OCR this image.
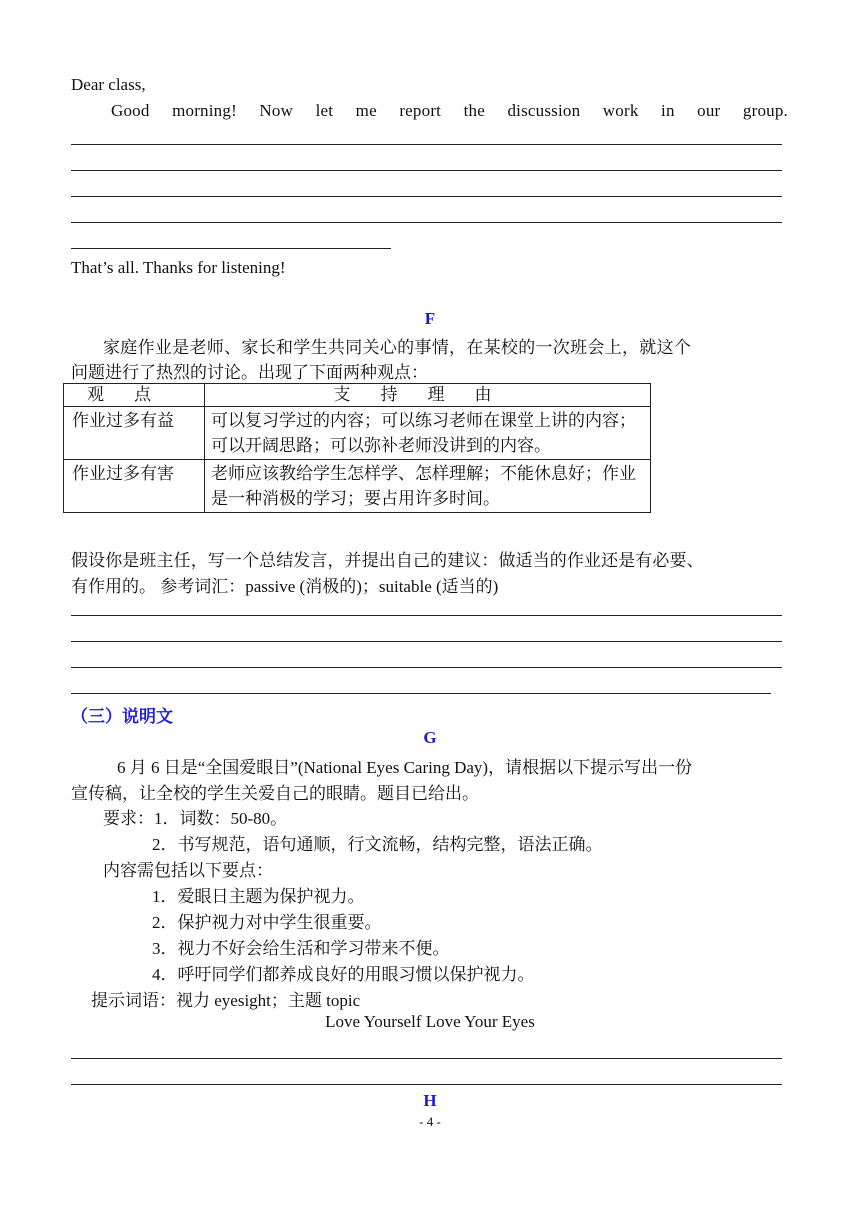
Dear class,
Good morning! Now let me report the discussion work in our group.
That’s all. Thanks for listening!
F
家庭作业是老师、家长和学生共同关心的事情，在某校的一次班会上，就这个
问题进行了热烈的讨论。出现了下面两种观点：
观点	支持理由
作业过多有益	可以复习学过的内容；可以练习老师在课堂上讲的内容；可以开阔思路；可以弥补老师没讲到的内容。
作业过多有害	老师应该教给学生怎样学、怎样理解；不能休息好；作业是一种消极的学习；要占用许多时间。
假设你是班主任，写一个总结发言，并提出自己的建议：做适当的作业还是有必要、
有作用的。 参考词汇：passive (消极的)；suitable (适当的)
（三）说明文
G
6 月 6 日是“全国爱眼日”(National Eyes Caring Day)，请根据以下提示写出一份
宣传稿，让全校的学生关爱自己的眼睛。题目已给出。
要求：1．词数：50-80。
2．书写规范，语句通顺，行文流畅，结构完整，语法正确。
内容需包括以下要点：
1．爱眼日主题为保护视力。
2．保护视力对中学生很重要。
3．视力不好会给生活和学习带来不便。
4．呼吁同学们都养成良好的用眼习惯以保护视力。
提示词语：视力 eyesight；主题 topic
Love Yourself Love Your Eyes
H
- 4 -
